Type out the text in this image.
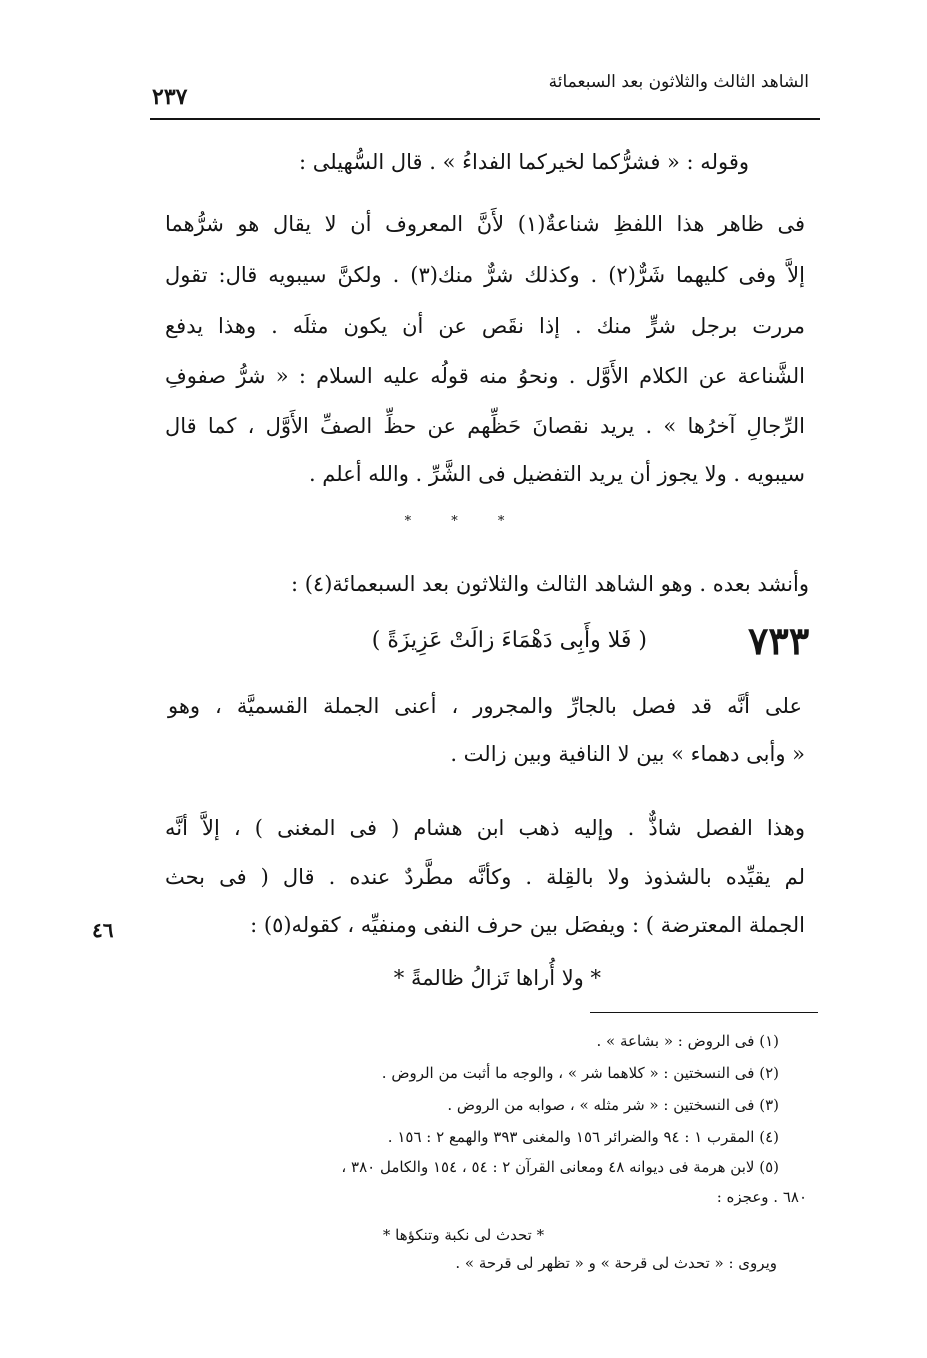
الشاهد الثالث والثلاثون بعد السبعمائة
٢٣٧
وقوله : « فشرُّكما لخيركما الفداءُ » . قال السُّهيلى :
فى ظاهر هذا اللفظِ شناعةٌ(١) لأَنَّ المعروف أن لا يقال هو شرُّهما
إلاَّ وفى كليهما شَرٌّ(٢) . وكذلك شرٌّ منك(٣) . ولكنَّ سيبويه قال: تقول
مررت برجل شرٍّ منك . إذا نقَص عن أن يكون مثلَه . وهذا يدفع
الشَّناعة عن الكلام الأَوَّل . ونحوُ منه قولُه عليه السلام : « شرُّ صفوفِ
الرِّجالِ آخرُها » . يريد نقصانَ حَظِّهم عن حظِّ الصفِّ الأَوَّل ، كما قال
سيبويه . ولا يجوز أن يريد التفضيل فى الشَّرِّ . والله أعلم .
* * *
وأنشد بعده . وهو الشاهد الثالث والثلاثون بعد السبعمائة(٤) :
٧٣٣
( فَلا وأَبِى دَهْمَاءَ زالَتْ عَزِيزَةً )
على أنَّه قد فصل بالجارِّ والمجرور ، أعنى الجملة القسميَّة ، وهو
« وأبى دهماء » بين لا النافية وبين زالت .
وهذا الفصل شاذٌّ . وإليه ذهب ابن هشام ( فى المغنى ) ، إلاَّ أنَّه
لم يقيِّده بالشذوذ ولا بالقِلة . وكأنَّه مطَّردٌ عنده . قال ( فى بحث
الجملة المعترضة ) : ويفصَل بين حرف النفى ومنفيِّه ، كقوله(٥) :
٤٦
* ولا أُراها تَزالُ ظالمةً *
(١) فى الروض : « بشاعة » .
(٢) فى النسختين : « كلاهما شر » ، والوجه ما أثبت من الروض .
(٣) فى النسختين : « شر مثله » ، صوابه من الروض .
(٤) المقرب ١ : ٩٤ والضرائر ١٥٦ والمغنى ٣٩٣ والهمع ٢ : ١٥٦ .
(٥) لابن هرمة فى ديوانه ٤٨ ومعانى القرآن ٢ : ٥٤ ، ١٥٤ والكامل ٣٨٠ ،
٦٨٠ . وعجزه :
* تحدث لى نكبة وتنكؤها *
ويروى : « تحدث لى قرحة » و « تظهر لى قرحة » .
